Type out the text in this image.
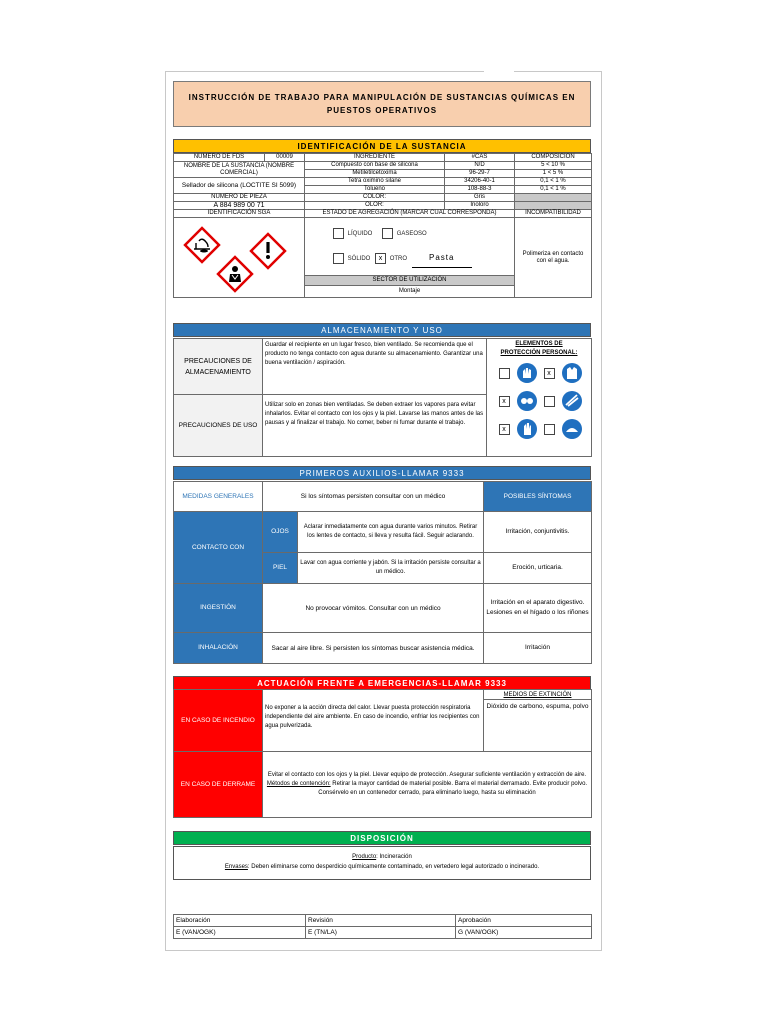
INSTRUCCIÓN DE TRABAJO PARA MANIPULACIÓN DE SUSTANCIAS QUÍMICAS EN PUESTOS OPERATIVOS
IDENTIFICACIÓN DE LA SUSTANCIA
NUMERO DE FDS	00009	INGREDIENTE	#CAS	COMPOSICION
NOMBRE DE LA SUSTANCIA (NOMBRE COMERCIAL)		Compuesto con base de silicona	N/D	5 < 10 %
		Metiletilcetoxima	96-29-7	1 < 5 %
Sellador de silicona (LOCTITE SI 5099)		Tetra oximino silane	34206-40-1	0,1 < 1 %
		Tolueno	108-88-3	0,1 < 1 %
NUMERO DE PIEZA		COLOR:	Gris	
A 884 989 00 71		OLOR:	Inoloro	
IDENTIFICACIÓN SGA		ESTADO DE AGREGACIÓN (MARCAR CUAL CORRESPONDA)		INCOMPATIBILIDAD

LÍQUIDO GASEOSO
SÓLIDO x OTRO Pasta		Polimeriza en contacto con el agua.
		SECTOR DE UTILIZACIÓN		
		Montaje		
ALMACENAMIENTO Y USO
PRECAUCIONES DE ALMACENAMIENTO	Guardar el recipiente en un lugar fresco, bien ventilado. Se recomienda que el producto no tenga contacto con agua durante su almacenamiento. Garantizar una buena ventilación / aspiración.	ELEMENTOS DE PROTECCIÓN PERSONAL:
x
x
x

PRECAUCIONES DE USO	Utilizar solo en zonas bien ventiladas. Se deben extraer los vapores para evitar inhalarlos. Evitar el contacto con los ojos y la piel. Lavarse las manos antes de las pausas y al finalizar el trabajo. No comer, beber ni fumar durante el trabajo.	
PRIMEROS AUXILIOS-LLAMAR 9333
MEDIDAS GENERALES	Si los síntomas persisten consultar con un médico		POSIBLES SÍNTOMAS
CONTACTO CON	OJOS	Aclarar inmediatamente con agua durante varios minutos. Retirar los lentes de contacto, si lleva y resulta fácil. Seguir aclarando.	Irritación, conjuntivitis.
	PIEL	Lavar con agua corriente y jabón. Si la irritación persiste consultar a un médico.	Eroción, urticaria.
INGESTIÓN	No provocar vómitos. Consultar con un médico		Irritación en el aparato digestivo. Lesiones en el hígado o los riñones
INHALACIÓN	Sacar al aire libre. Si persisten los síntomas buscar asistencia médica.		Irritación
ACTUACIÓN FRENTE A EMERGENCIAS-LLAMAR 9333
EN CASO DE INCENDIO	No exponer a la acción directa del calor. Llevar puesta protección respiratoria independiente del aire ambiente. En caso de incendio, enfriar los recipientes con agua pulverizada.	MEDIOS DE EXTINCIÓN
		Dióxido de carbono, espuma, polvo
EN CASO DE DERRAME	Evitar el contacto con los ojos y la piel. Llevar equipo de protección. Asegurar suficiente ventilación y extracción de aire.
Métodos de contención: Retirar la mayor cantidad de material posible. Barra el material derramado. Evite producir polvo. Consérvelo en un contenedor cerrado, para eliminarlo luego, hasta su eliminación	
DISPOSICIÓN
Producto: Incineración
Envases: Deben eliminarse como desperdicio químicamente contaminado, en vertedero legal autorizado o incinerado.
Elaboración	Revisión	Aprobación
E (VAN/OGK)	E (TN/LA)	G (VAN/OGK)
